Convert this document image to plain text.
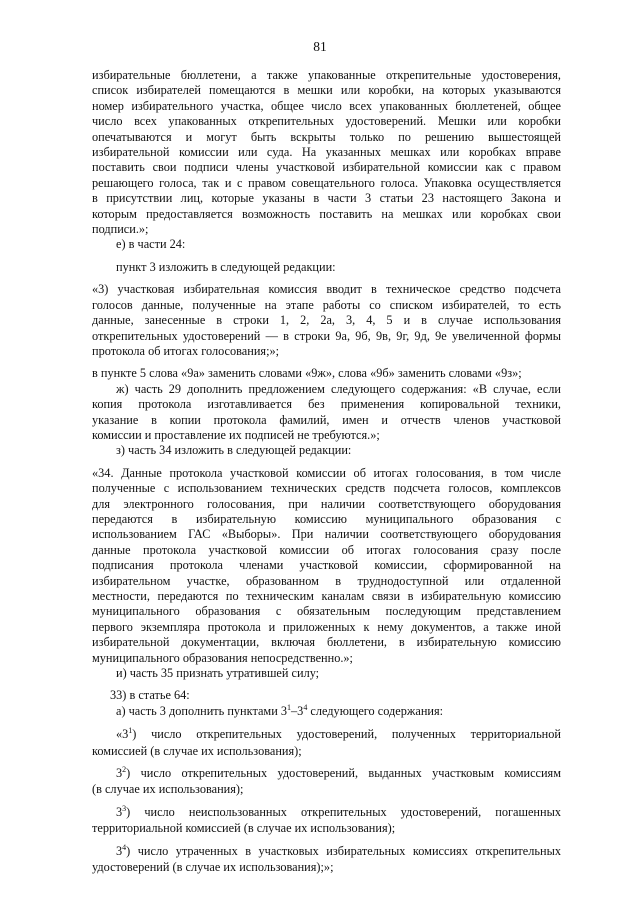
81
избирательные бюллетени, а также упакованные открепительные удостоверения,
список избирателей помещаются в мешки или коробки, на которых указываются
номер избирательного участка, общее число всех упакованных бюллетеней, общее
число всех упакованных открепительных удостоверений. Мешки или коробки
опечатываются и могут быть вскрыты только по решению вышестоящей
избирательной комиссии или суда. На указанных мешках или коробках вправе
поставить свои подписи члены участковой избирательной комиссии как с правом
решающего голоса, так и с правом совещательного голоса. Упаковка осуществляется
в присутствии лиц, которые указаны в части 3 статьи 23 настоящего Закона и
которым предоставляется возможность поставить на мешках или коробках свои
подписи.»;
е) в части 24:
пункт 3 изложить в следующей редакции:
«3) участковая избирательная комиссия вводит в техническое средство подсчета
голосов данные, полученные на этапе работы со списком избирателей, то есть
данные, занесенные в строки 1, 2, 2а, 3, 4, 5 и в случае использования
открепительных удостоверений — в строки 9а, 9б, 9в, 9г, 9д, 9е увеличенной формы
протокола об итогах голосования;»;
в пункте 5 слова «9а» заменить словами «9ж», слова «9б» заменить словами «9з»;
ж) часть 29 дополнить предложением следующего содержания: «В случае, если
копия протокола изготавливается без применения копировальной техники,
указание в копии протокола фамилий, имен и отчеств членов участковой
комиссии и проставление их подписей не требуются.»;
з) часть 34 изложить в следующей редакции:
«34. Данные протокола участковой комиссии об итогах голосования, в том числе
полученные с использованием технических средств подсчета голосов, комплексов
для электронного голосования, при наличии соответствующего оборудования
передаются в избирательную комиссию муниципального образования с
использованием ГАС «Выборы». При наличии соответствующего оборудования
данные протокола участковой комиссии об итогах голосования сразу после
подписания протокола членами участковой комиссии, сформированной на
избирательном участке, образованном в труднодоступной или отдаленной
местности, передаются по техническим каналам связи в избирательную комиссию
муниципального образования с обязательным последующим представлением
первого экземпляра протокола и приложенных к нему документов, а также иной
избирательной документации, включая бюллетени, в избирательную комиссию
муниципального образования непосредственно.»;
и) часть 35 признать утратившей силу;
33) в статье 64:
а) часть 3 дополнить пунктами $3^1-3^4$ следующего содержания:
«$3^1$) число открепительных удостоверений, полученных территориальной
комиссией (в случае их использования);
$3^2$) число открепительных удостоверений, выданных участковым комиссиям
(в случае их использования);
$3^3$) число неиспользованных открепительных удостоверений, погашенных
территориальной комиссией (в случае их использования);
$3^4$) число утраченных в участковых избирательных комиссиях открепительных
удостоверений (в случае их использования);»;
